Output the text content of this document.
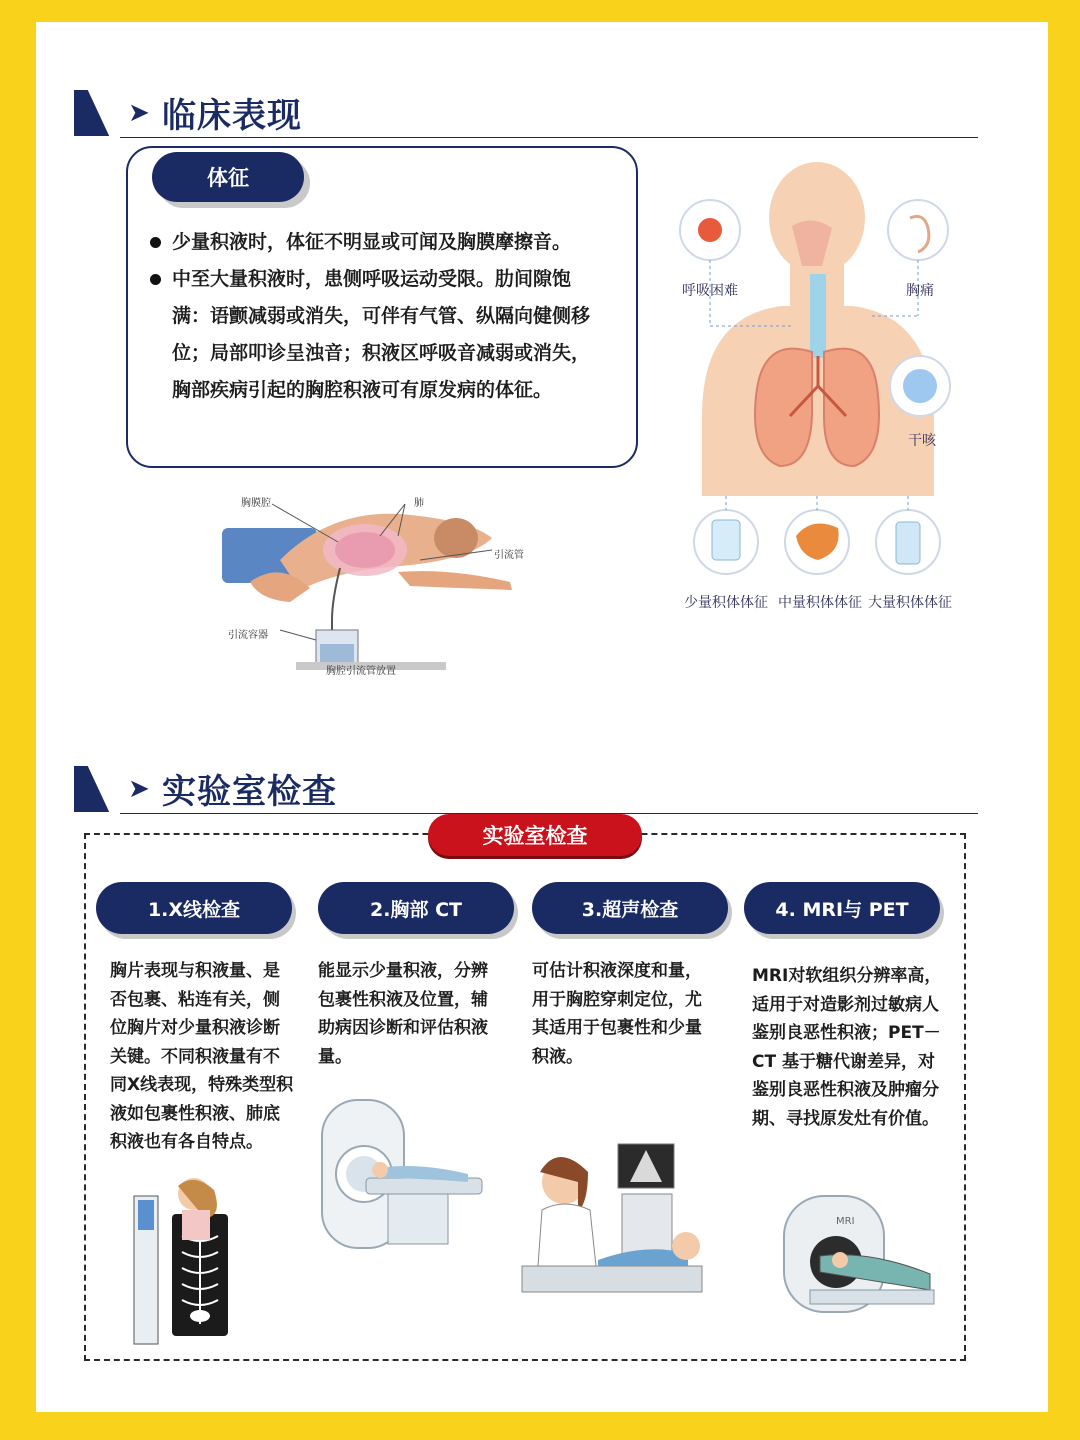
➤ 临床表现
体征
少量积液时，体征不明显或可闻及胸膜摩擦音。
中至大量积液时，患侧呼吸运动受限。肋间隙饱满：语颤减弱或消失，可伴有气管、纵隔向健侧移位；局部叩诊呈浊音；积液区呼吸音减弱或消失，胸部疾病引起的胸腔积液可有原发病的体征。
胸膜腔	肺
引流管
引流容器
胸腔引流管放置
呼吸困难	胸痛
干咳
少量积体体征 中量积体体征 大量积体体征
➤ 实验室检查
实验室检查
1.X线检查	2.胸部 CT	3.超声检查	4. MRI与 PET
胸片表现与积液量、是否包裹、粘连有关，侧位胸片对少量积液诊断关键。不同积液量有不同X线表现，特殊类型积液如包裹性积液、肺底积液也有各自特点。
能显示少量积液，分辨包裹性积液及位置，辅助病因诊断和评估积液量。
可估计积液深度和量，用于胸腔穿刺定位，尤其适用于包裹性和少量积液。
MRI对软组织分辨率高，适用于对造影剂过敏病人鉴别良恶性积液；PET－CT 基于糖代谢差异，对鉴别良恶性积液及肿瘤分期、寻找原发灶有价值。
MRI
